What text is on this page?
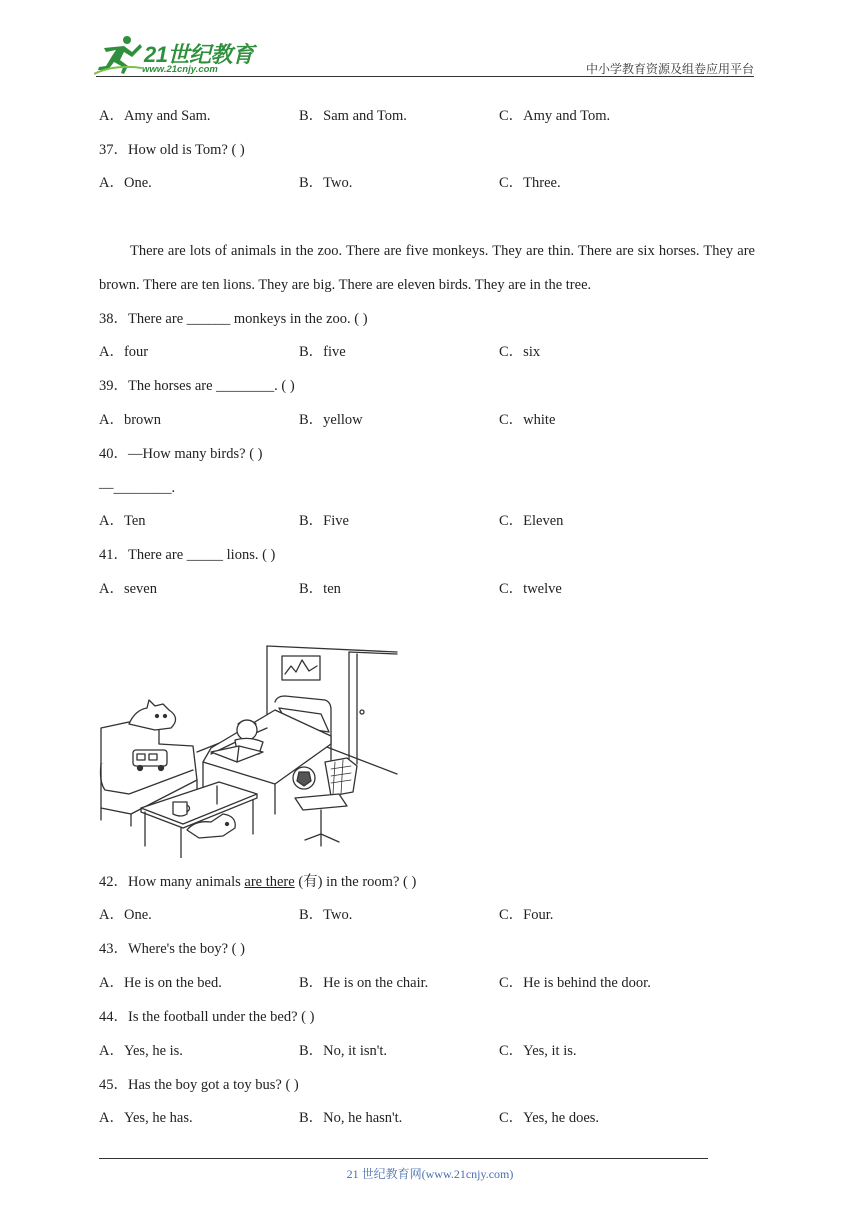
21世纪教育
www.21cnjy.com	中小学教育资源及组卷应用平台
A．Amy and Sam.	B．Sam and Tom.	C．Amy and Tom.
37．How old is Tom? ( )
A．One.	B．Two.	C．Three.
There are lots of animals in the zoo. There are five monkeys. They are thin. There are six horses. They are brown. There are ten lions. They are big. There are eleven birds. They are in the tree.
38．There are ______ monkeys in the zoo. ( )
A．four	B．five	C．six
39．The horses are ________. ( )
A．brown	B．yellow	C．white
40．—How many birds? ( )
—________.
A．Ten	B．Five	C．Eleven
41．There are _____ lions. ( )
A．seven	B．ten	C．twelve
42．How many animals are there (有) in the room? ( )
A．One.	B．Two.	C．Four.
43．Where's the boy? ( )
A．He is on the bed.	B．He is on the chair.	C．He is behind the door.
44．Is the football under the bed? ( )
A．Yes, he is.	B．No, it isn't.	C．Yes, it is.
45．Has the boy got a toy bus? ( )
A．Yes, he has.	B．No, he hasn't.	C．Yes, he does.
21 世纪教育网(www.21cnjy.com)
